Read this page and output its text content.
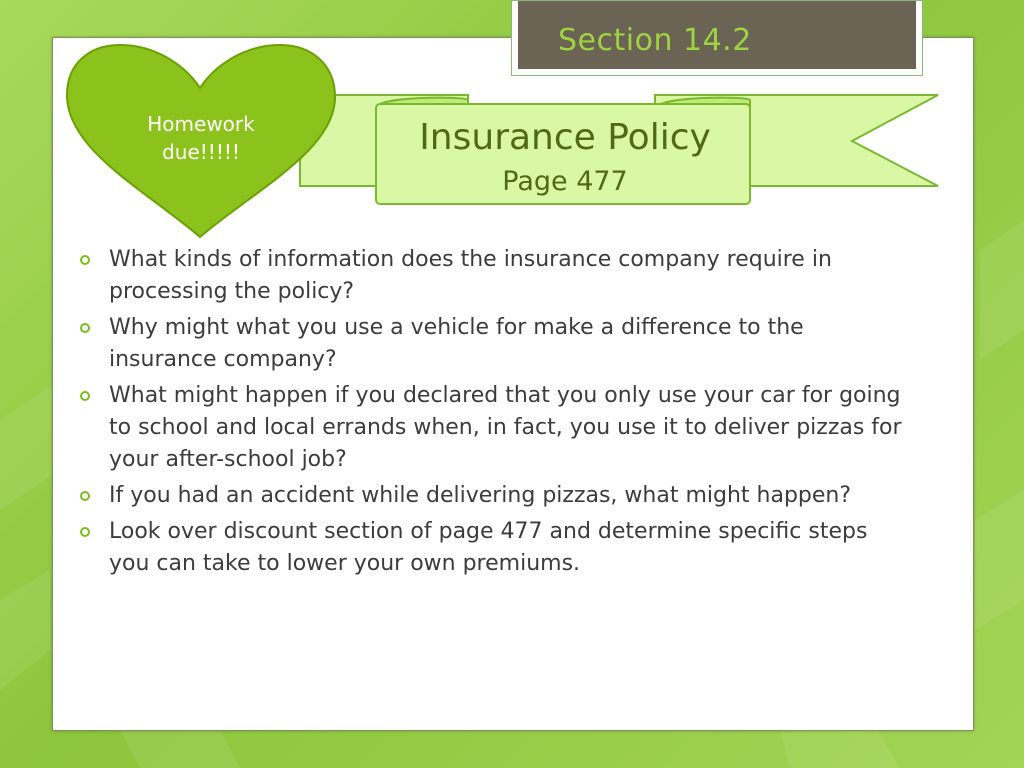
Section 14.2
Homework
due!!!!!	Insurance Policy
Page 477
What kinds of information does the insurance company require in processing the policy?
Why might what you use a vehicle for make a difference to the insurance company?
What might happen if you declared that you only use your car for going to school and local errands when, in fact, you use it to deliver pizzas for your after-school job?
If you had an accident while delivering pizzas, what might happen?
Look over discount section of page 477 and determine specific steps you can take to lower your own premiums.
